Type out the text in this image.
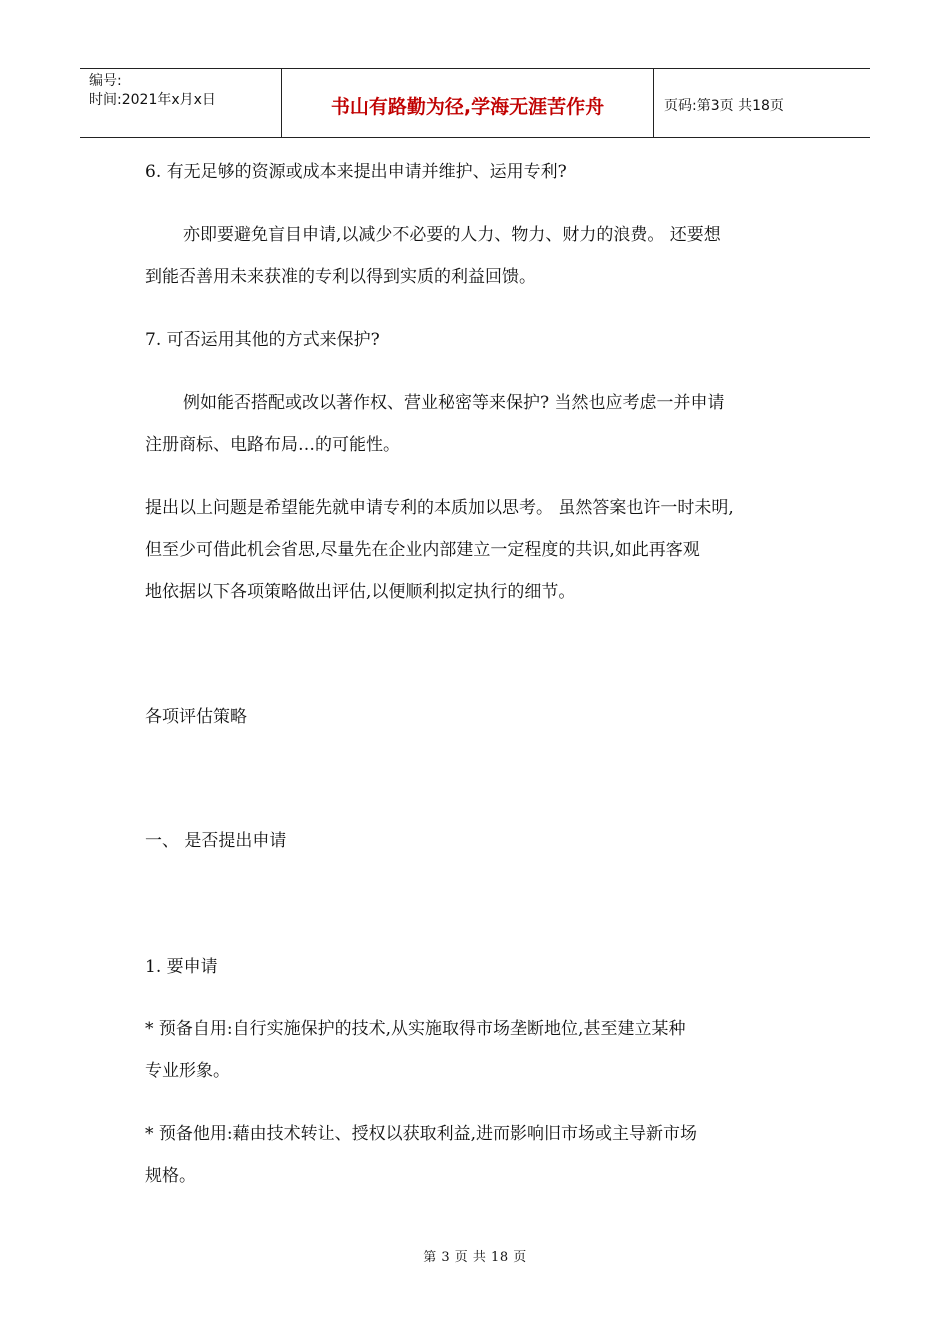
编号:
时间:2021年x月x日	书山有路勤为径,学海无涯苦作舟	页码:第3页 共18页
6. 有无足够的资源或成本来提出申请并维护、运用专利?
亦即要避免盲目申请,以减少不必要的人力、物力、财力的浪费。 还要想
到能否善用未来获准的专利以得到实质的利益回馈。
7. 可否运用其他的方式来保护?
例如能否搭配或改以著作权、营业秘密等来保护? 当然也应考虑一并申请
注册商标、电路布局…的可能性。
提出以上问题是希望能先就申请专利的本质加以思考。 虽然答案也许一时未明,
但至少可借此机会省思,尽量先在企业内部建立一定程度的共识,如此再客观
地依据以下各项策略做出评估,以便顺利拟定执行的细节。
各项评估策略
一、 是否提出申请
1. 要申请
* 预备自用:自行实施保护的技术,从实施取得市场垄断地位,甚至建立某种
专业形象。
* 预备他用:藉由技术转让、授权以获取利益,进而影响旧市场或主导新市场
规格。
第 3 页 共 18 页
